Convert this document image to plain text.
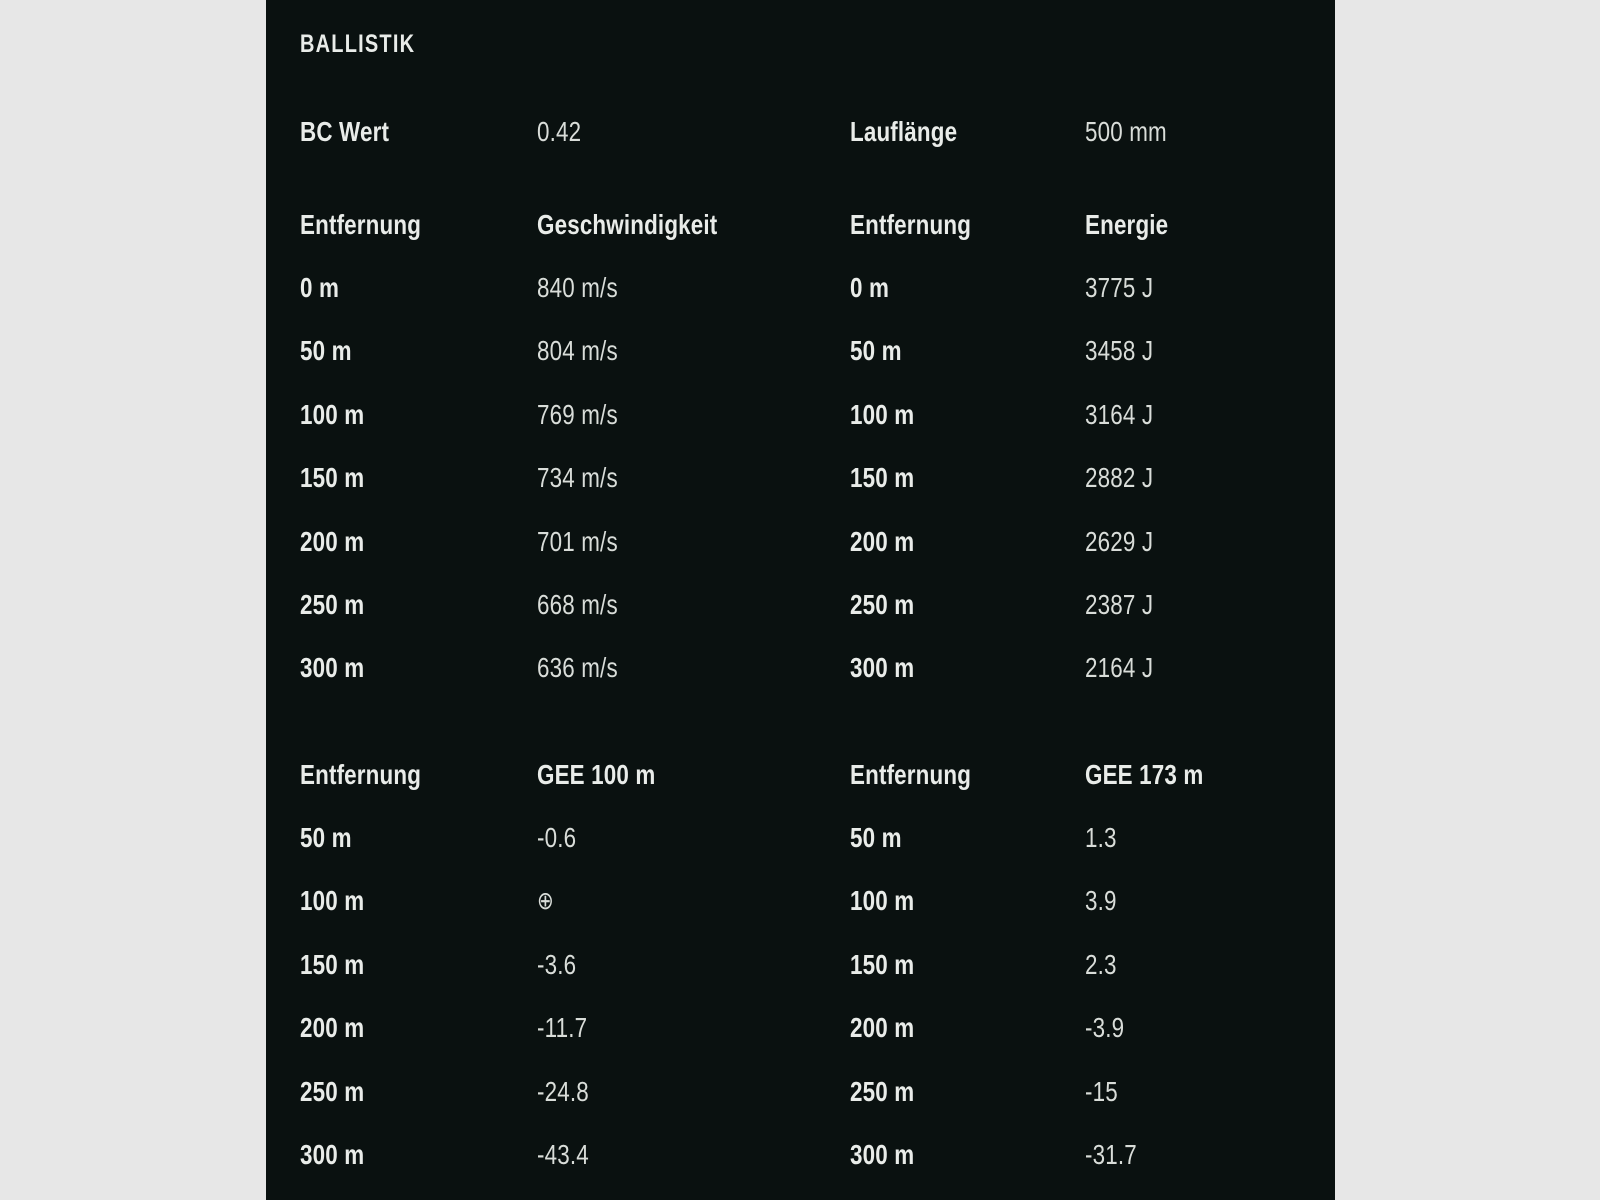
BALLISTIK
BC Wert	0.42	Lauflänge	500 mm
Entfernung	Geschwindigkeit	Entfernung	Energie
0 m	840 m/s	0 m	3775 J
50 m	804 m/s	50 m	3458 J
100 m	769 m/s	100 m	3164 J
150 m	734 m/s	150 m	2882 J
200 m	701 m/s	200 m	2629 J
250 m	668 m/s	250 m	2387 J
300 m	636 m/s	300 m	2164 J
Entfernung	GEE 100 m	Entfernung	GEE 173 m
50 m	-0.6	50 m	1.3
100 m	⊕	100 m	3.9
150 m	-3.6	150 m	2.3
200 m	-11.7	200 m	-3.9
250 m	-24.8	250 m	-15
300 m	-43.4	300 m	-31.7
